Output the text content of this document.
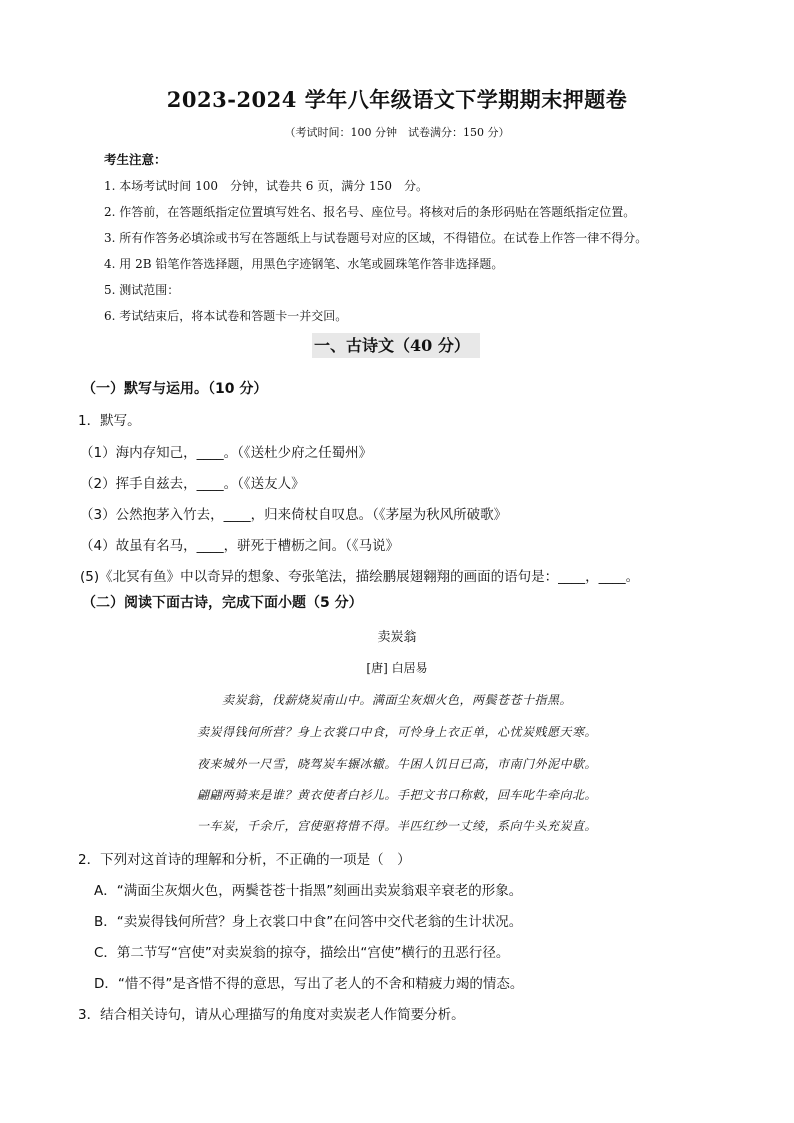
2023-2024 学年八年级语文下学期期末押题卷
（考试时间：100 分钟　试卷满分：150 分）
考生注意：
1. 本场考试时间 100　分钟，试卷共 6 页，满分 150　分。
2. 作答前，在答题纸指定位置填写姓名、报名号、座位号。将核对后的条形码贴在答题纸指定位置。
3. 所有作答务必填涂或书写在答题纸上与试卷题号对应的区域，不得错位。在试卷上作答一律不得分。
4. 用 2B 铅笔作答选择题，用黑色字迹钢笔、水笔或圆珠笔作答非选择题。
5. 测试范围：
6. 考试结束后，将本试卷和答题卡一并交回。
一、古诗文（40 分）
（一）默写与运用。（10 分）
1．默写。
（1）海内存知己，____。（《送杜少府之任蜀州》
（2）挥手自兹去，____。（《送友人》
（3）公然抱茅入竹去，____，归来倚杖自叹息。（《茅屋为秋风所破歌》
（4）故虽有名马，____，骈死于槽枥之间。（《马说》
(5)《北冥有鱼》中以奇异的想象、夸张笔法，描绘鹏展翅翱翔的画面的语句是：____，____。
（二）阅读下面古诗，完成下面小题（5 分）
卖炭翁
[唐] 白居易
卖炭翁，伐薪烧炭南山中。满面尘灰烟火色，两鬓苍苍十指黑。
卖炭得钱何所营？身上衣裳口中食，可怜身上衣正单，心忧炭贱愿天寒。
夜来城外一尺雪，晓驾炭车辗冰辙。牛困人饥日已高，市南门外泥中歇。
翩翩两骑来是谁？黄衣使者白衫儿。手把文书口称敕，回车叱牛牵向北。
一车炭，千余斤，宫使驱将惜不得。半匹红纱一丈绫，系向牛头充炭直。
2．下列对这首诗的理解和分析，不正确的一项是（　）
A．“满面尘灰烟火色，两鬓苍苍十指黑”刻画出卖炭翁艰辛衰老的形象。
B．“卖炭得钱何所营？身上衣裳口中食”在问答中交代老翁的生计状况。
C．第二节写“宫使”对卖炭翁的掠夺，描绘出“宫使”横行的丑恶行径。
D．“惜不得”是吝惜不得的意思，写出了老人的不舍和精疲力竭的情态。
3．结合相关诗句，请从心理描写的角度对卖炭老人作简要分析。
